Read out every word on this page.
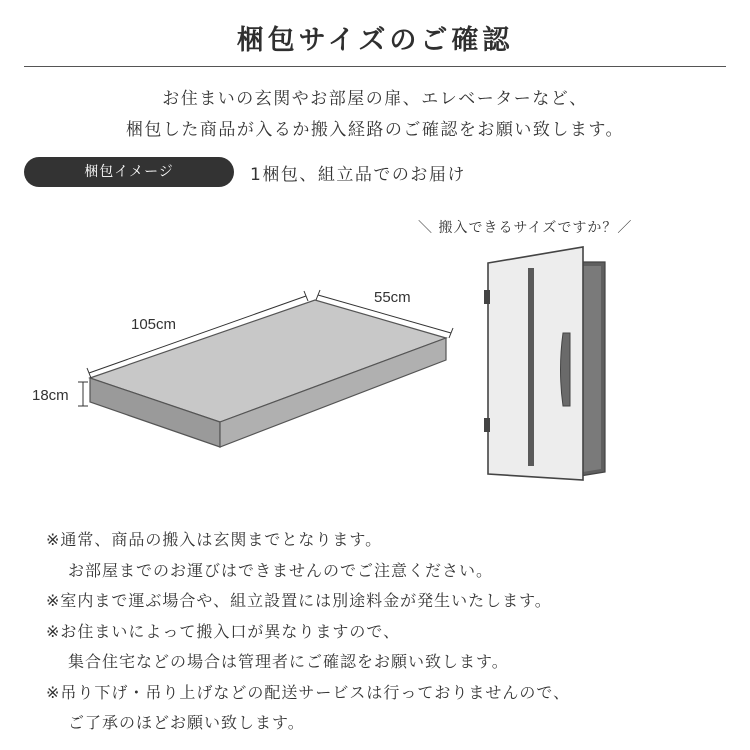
梱包サイズのご確認
お住まいの玄関やお部屋の扉、エレベーターなど、
梱包した商品が入るか搬入経路のご確認をお願い致します。
梱包イメージ	1梱包、組立品でのお届け
105cm
55cm
18cm
＼ 搬入できるサイズですか？／
※通常、商品の搬入は玄関までとなります。
お部屋までのお運びはできませんのでご注意ください。
※室内まで運ぶ場合や、組立設置には別途料金が発生いたします。
※お住まいによって搬入口が異なりますので、
集合住宅などの場合は管理者にご確認をお願い致します。
※吊り下げ・吊り上げなどの配送サービスは行っておりませんので、
ご了承のほどお願い致します。
